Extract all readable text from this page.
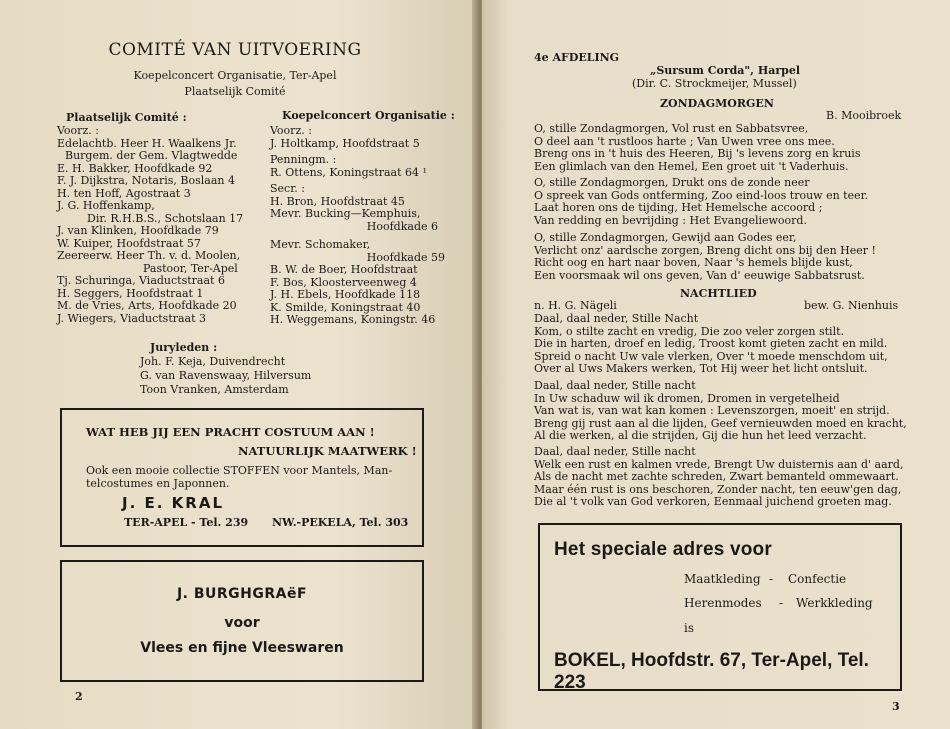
COMITÉ VAN UITVOERING
Koepelconcert Organisatie, Ter-Apel
Plaatselijk Comité
Plaatselijk Comité :
Voorz. :
Edelachtb. Heer H. Waalkens Jr.
Burgem. der Gem. Vlagtwedde
E. H. Bakker, Hoofdkade 92
F. J. Dijkstra, Notaris, Boslaan 4
H. ten Hoff, Agostraat 3
J. G. Hoffenkamp,
Dir. R.H.B.S., Schotslaan 17
J. van Klinken, Hoofdkade 79
W. Kuiper, Hoofdstraat 57
Zeereerw. Heer Th. v. d. Moolen,
Pastoor, Ter-Apel
Tj. Schuringa, Viaductstraat 6
H. Seggers, Hoofdstraat 1
M. de Vries, Arts, Hoofdkade 20
J. Wiegers, Viaductstraat 3
Koepelconcert Organisatie :
Voorz. :
J. Holtkamp, Hoofdstraat 5
Penningm. :
R. Ottens, Koningstraat 64 ¹
Secr. :
H. Bron, Hoofdstraat 45
Mevr. Bucking—Kemphuis,
Hoofdkade 6
Mevr. Schomaker,
Hoofdkade 59
B. W. de Boer, Hoofdstraat
F. Bos, Kloosterveenweg 4
J. H. Ebels, Hoofdkade 118
K. Smilde, Koningstraat 40
H. Weggemans, Koningstr. 46
Juryleden :
Joh. F. Keja, Duivendrecht
G. van Ravenswaay, Hilversum
Toon Vranken, Amsterdam
WAT HEB JIJ EEN PRACHT COSTUUM AAN !
NATUURLIJK MAATWERK !
Ook een mooie collectie STOFFEN voor Mantels, Man-
telcostumes en Japonnen.
J. E. KRAL
TER-APEL - Tel. 239 NW.-PEKELA, Tel. 303
J. BURGHGRAëF
voor
Vlees en fijne Vleeswaren
2
4e AFDELING
„Sursum Corda", Harpel
(Dir. C. Strockmeijer, Mussel)
ZONDAGMORGEN
B. Mooibroek
O, stille Zondagmorgen, Vol rust en Sabbatsvree,
O deel aan 't rustloos harte ; Van Uwen vree ons mee.
Breng ons in 't huis des Heeren, Bij 's levens zorg en kruis
Een glimlach van den Hemel, Een groet uit 't Vaderhuis.
O, stille Zondagmorgen, Drukt ons de zonde neer
O spreek van Gods ontferming, Zoo eind-loos trouw en teer.
Laat horen ons de tijding, Het Hemelsche accoord ;
Van redding en bevrijding : Het Evangeliewoord.
O, stille Zondagmorgen, Gewijd aan Godes eer,
Verlicht onz' aardsche zorgen, Breng dicht ons bij den Heer !
Richt oog en hart naar boven, Naar 's hemels blijde kust,
Een voorsmaak wil ons geven, Van d' eeuwige Sabbatsrust.
NACHTLIED
n. H. G. Nägeli	bew. G. Nienhuis
Daal, daal neder, Stille Nacht
Kom, o stilte zacht en vredig, Die zoo veler zorgen stilt.
Die in harten, droef en ledig, Troost komt gieten zacht en mild.
Spreid o nacht Uw vale vlerken, Over 't moede menschdom uit,
Over al Uws Makers werken, Tot Hij weer het licht ontsluit.
Daal, daal neder, Stille nacht
In Uw schaduw wil ik dromen, Dromen in vergetelheid
Van wat is, van wat kan komen : Levenszorgen, moeit' en strijd.
Breng gij rust aan al die lijden, Geef vernieuwden moed en kracht,
Al die werken, al die strijden, Gij die hun het leed verzacht.
Daal, daal neder, Stille nacht
Welk een rust en kalmen vrede, Brengt Uw duisternis aan d' aard,
Als de nacht met zachte schreden, Zwart bemanteld ommewaart.
Maar één rust is ons beschoren, Zonder nacht, ten eeuw'gen dag,
Die al 't volk van God verkoren, Eenmaal juichend groeten mag.
Het speciale adres voor
Maatkleding - Confectie
Herenmodes - Werkkleding
is
BOKEL, Hoofdstr. 67, Ter-Apel, Tel. 223
3
